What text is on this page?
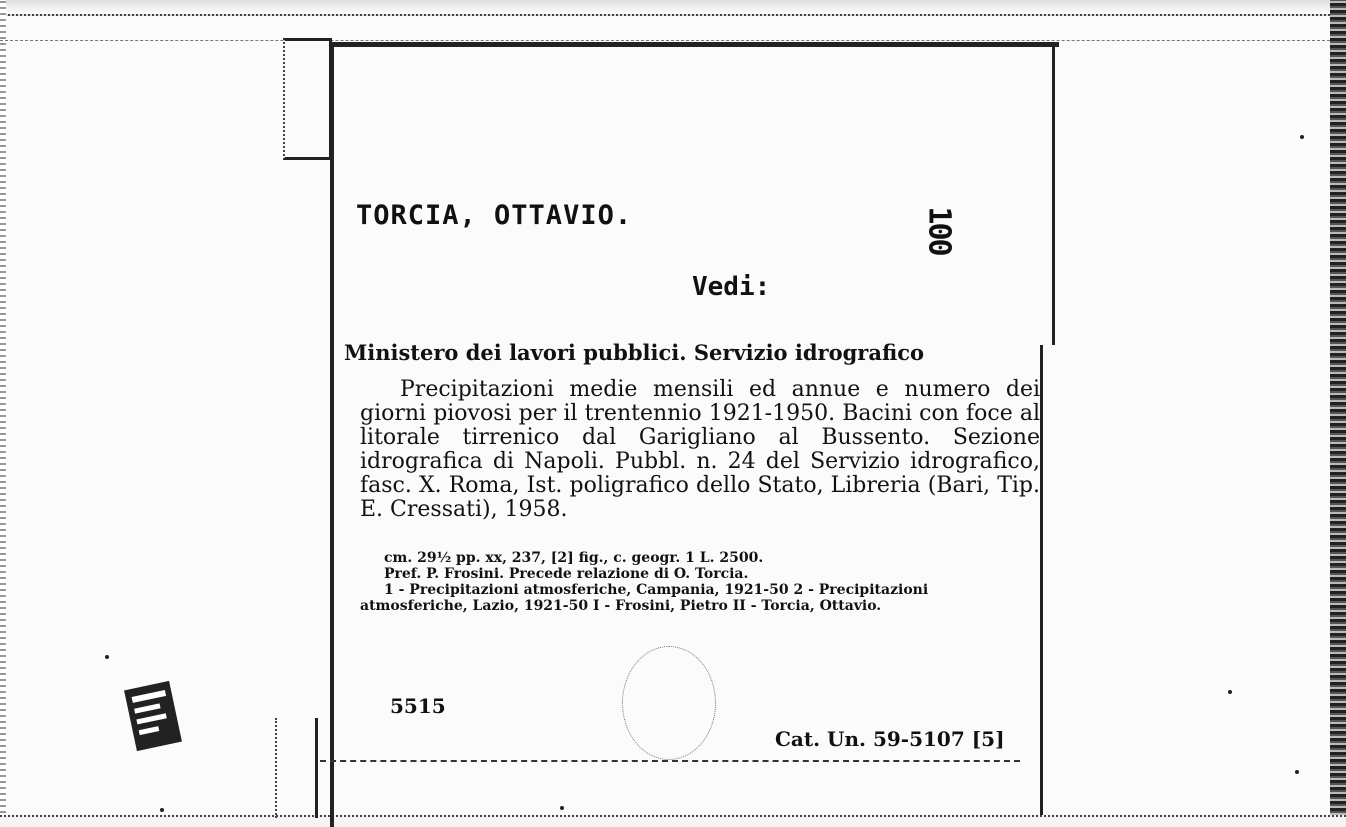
TORCIA, OTTAVIO.	100
Vedi:
Ministero dei lavori pubblici. Servizio idrografico
Precipitazioni medie mensili ed annue e numero dei giorni piovosi per il trentennio 1921-1950. Bacini con foce al litorale tirrenico dal Garigliano al Bussento. Sezione idrografica di Napoli. Pubbl. n. 24 del Servizio idrografico, fasc. X. Roma, Ist. poligrafico dello Stato, Libreria (Bari, Tip. E. Cressati), 1958.
cm. 29½ pp. xx, 237, [2] fig., c. geogr. 1 L. 2500.
Pref. P. Frosini. Precede relazione di O. Torcia.
1 - Precipitazioni atmosferiche, Campania, 1921-50 2 - Precipitazioni atmosferiche, Lazio, 1921-50 I - Frosini, Pietro II - Torcia, Ottavio.
5515
Cat. Un. 59-5107 [5]
